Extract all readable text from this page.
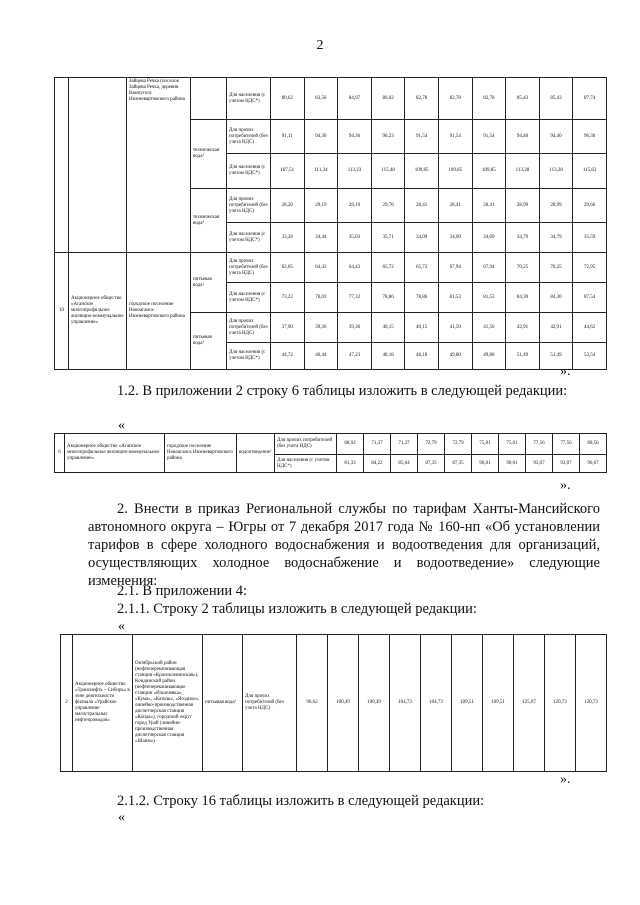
2
		Зайцева Речка (поселок Зайцева Речка, деревня Вампугол) Нижневартовского района		Для населения (с учетом НДС*)	80,62	83,56	84,97	86,02	82,78	82,78	82,78	85,43	85,43	87,74
			техническая вода²	Для прочих потребителей (без учета НДС)	91,11	94,36	94,36	96,23	91,54	91,54	91,54	94,40	94,40	96,36
				Для населения (с учетом НДС*)	107,51	111,34	113,23	115,48	109,85	109,85	109,85	113,28	113,28	115,63
			техническая вода²	Для прочих потребителей (без учета НДС)	28,20	29,19	29,19	29,76	28,41	28,41	28,41	28,99	28,99	29,66
				Для населения (с учетом НДС*)	33,28	34,44	35,03	35,71	34,09	34,09	34,09	34,79	34,79	35,59
10	Акционерное общество «Аганское многопрофильное жилищно-коммунальное управление»	городское поселение Новоаганск Нижневартовского района	питьевая вода¹	Для прочих потребителей (без учета НДС)	62,05	64,43	64,43	65,72	65,72	67,94	67,94	70,25	70,25	72,95
				Для населения (с учетом НДС*)	73,22	76,03	77,32	78,86	78,86	81,53	81,53	84,30	84,30	87,54
			питьевая вода¹	Для прочих потребителей (без учета НДС)	37,90	39,36	39,36	40,15	40,15	41,50	41,50	42,91	42,91	44,62
				Для населения (с учетом НДС*)	44,72	46,44	47,23	48,18	48,18	49,80	49,80	51,49	51,49	53,54
».
1.2. В приложении 2 строку 6 таблицы изложить в следующей редакции:
«
6	Акционерное общество «Аганское многопрофильное жилищно-коммунальное управление»	городское поселение Новоаганск Нижневартовского района	водоотведение¹	Для прочих потребителей (без учета НДС)	68,92	71,37	71,37	72,79	72,79	75,01	75,01	77,56	77,56	80,56
				Для населения (с учетом НДС*)	81,33	84,22	85,64	87,35	87,35	90,01	90,01	93,07	93,07	96,67
».
2. Внести в приказ Региональной службы по тарифам Ханты-Мансийского автономного округа – Югры от 7 декабря 2017 года № 160-нп «Об установлении тарифов в сфере холодного водоснабжения и водоотведения для организаций, осуществляющих холодное водоснабжение и водоотведение» следующие изменения:
2.1. В приложении 4:
2.1.1. Строку 2 таблицы изложить в следующей редакции:
«
2	Акционерное общество «Транснефть – Сибирь» в зоне деятельности филиала «Урайское управление магистральных нефтепроводов»	Октябрьский район (нефтеперекачивающая станция «Красноленинская»), Кондинский район (нефтеперекачивающие станции «Ильичевка», «Кума», «Катыш», «Ягодное», линейно-производственная диспетчерская станция «Конда»), городской округ город Урай (линейно-производственная диспетчерская станция «Шаим»)	питьевая вода¹	Для прочих потребителей (без учета НДС)	96,62	100,49	100,49	104,73	104,73	109,51	109,51	125,07	120,73	120,73
».
2.1.2. Строку 16 таблицы изложить в следующей редакции:
«
